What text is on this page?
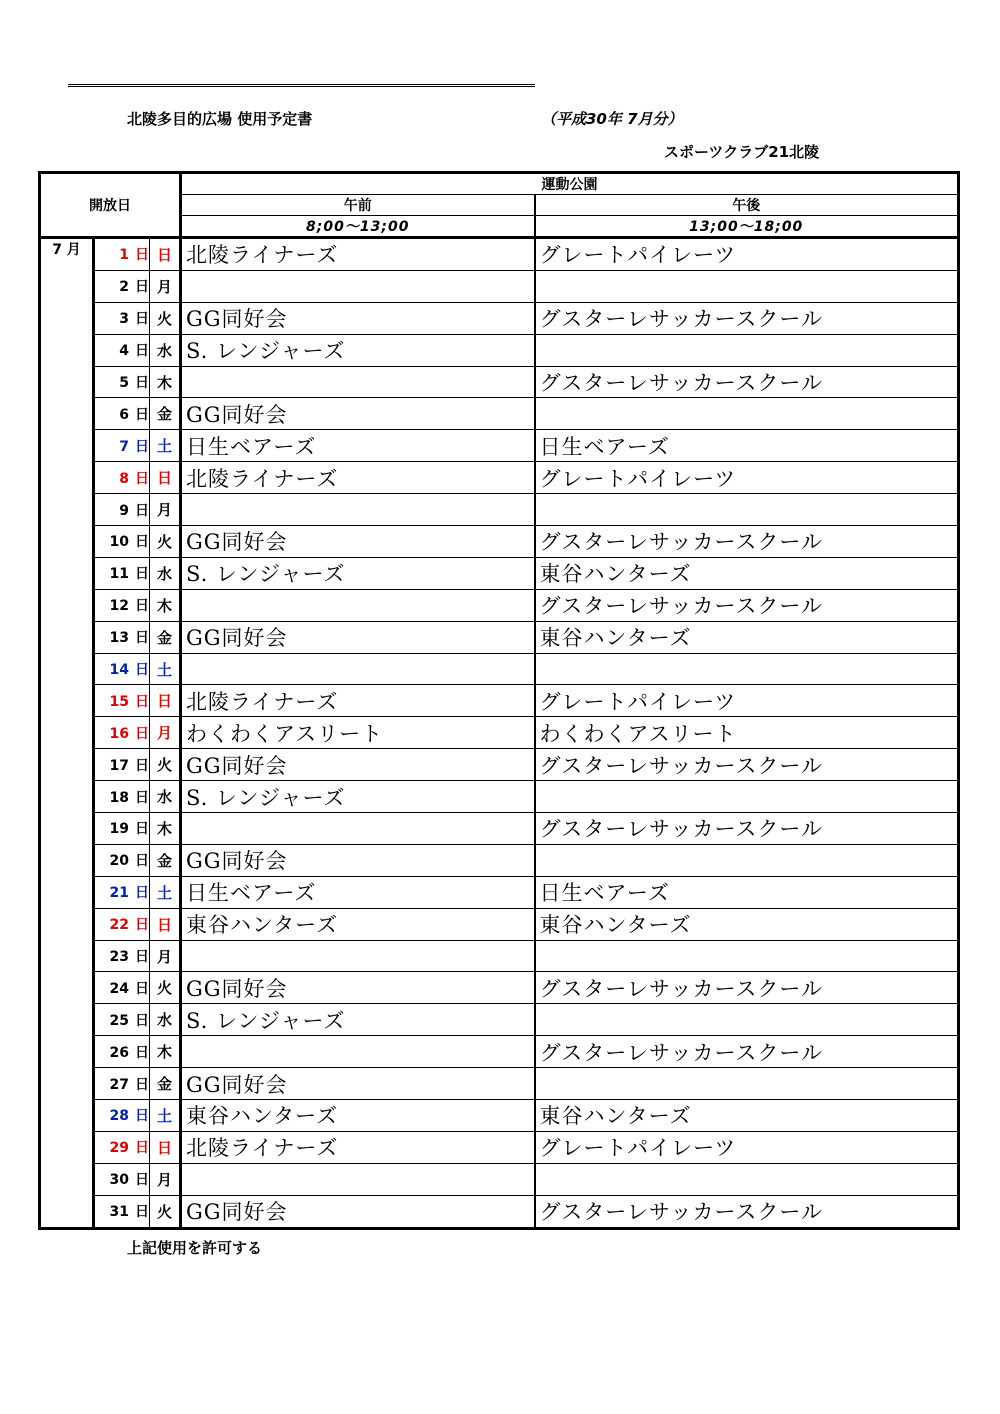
北陵多目的広場 使用予定書	（平成30年 7月分）
スポーツクラブ21北陵
開放日			運動公園	
			午前	午後
			8;00〜13;00	13;00〜18;00
7 月	1 日	日	北陵ライナーズ	グレートパイレーツ
	2 日	月		
	3 日	火	GG同好会	グスターレサッカースクール
	4 日	水	S. レンジャーズ	
	5 日	木		グスターレサッカースクール
	6 日	金	GG同好会	
	7 日	土	日生ベアーズ	日生ベアーズ
	8 日	日	北陵ライナーズ	グレートパイレーツ
	9 日	月		
	10 日	火	GG同好会	グスターレサッカースクール
	11 日	水	S. レンジャーズ	東谷ハンターズ
	12 日	木		グスターレサッカースクール
	13 日	金	GG同好会	東谷ハンターズ
	14 日	土		
	15 日	日	北陵ライナーズ	グレートパイレーツ
	16 日	月	わくわくアスリート	わくわくアスリート
	17 日	火	GG同好会	グスターレサッカースクール
	18 日	水	S. レンジャーズ	
	19 日	木		グスターレサッカースクール
	20 日	金	GG同好会	
	21 日	土	日生ベアーズ	日生ベアーズ
	22 日	日	東谷ハンターズ	東谷ハンターズ
	23 日	月		
	24 日	火	GG同好会	グスターレサッカースクール
	25 日	水	S. レンジャーズ	
	26 日	木		グスターレサッカースクール
	27 日	金	GG同好会	
	28 日	土	東谷ハンターズ	東谷ハンターズ
	29 日	日	北陵ライナーズ	グレートパイレーツ
	30 日	月		
	31 日	火	GG同好会	グスターレサッカースクール
上記使用を許可する
